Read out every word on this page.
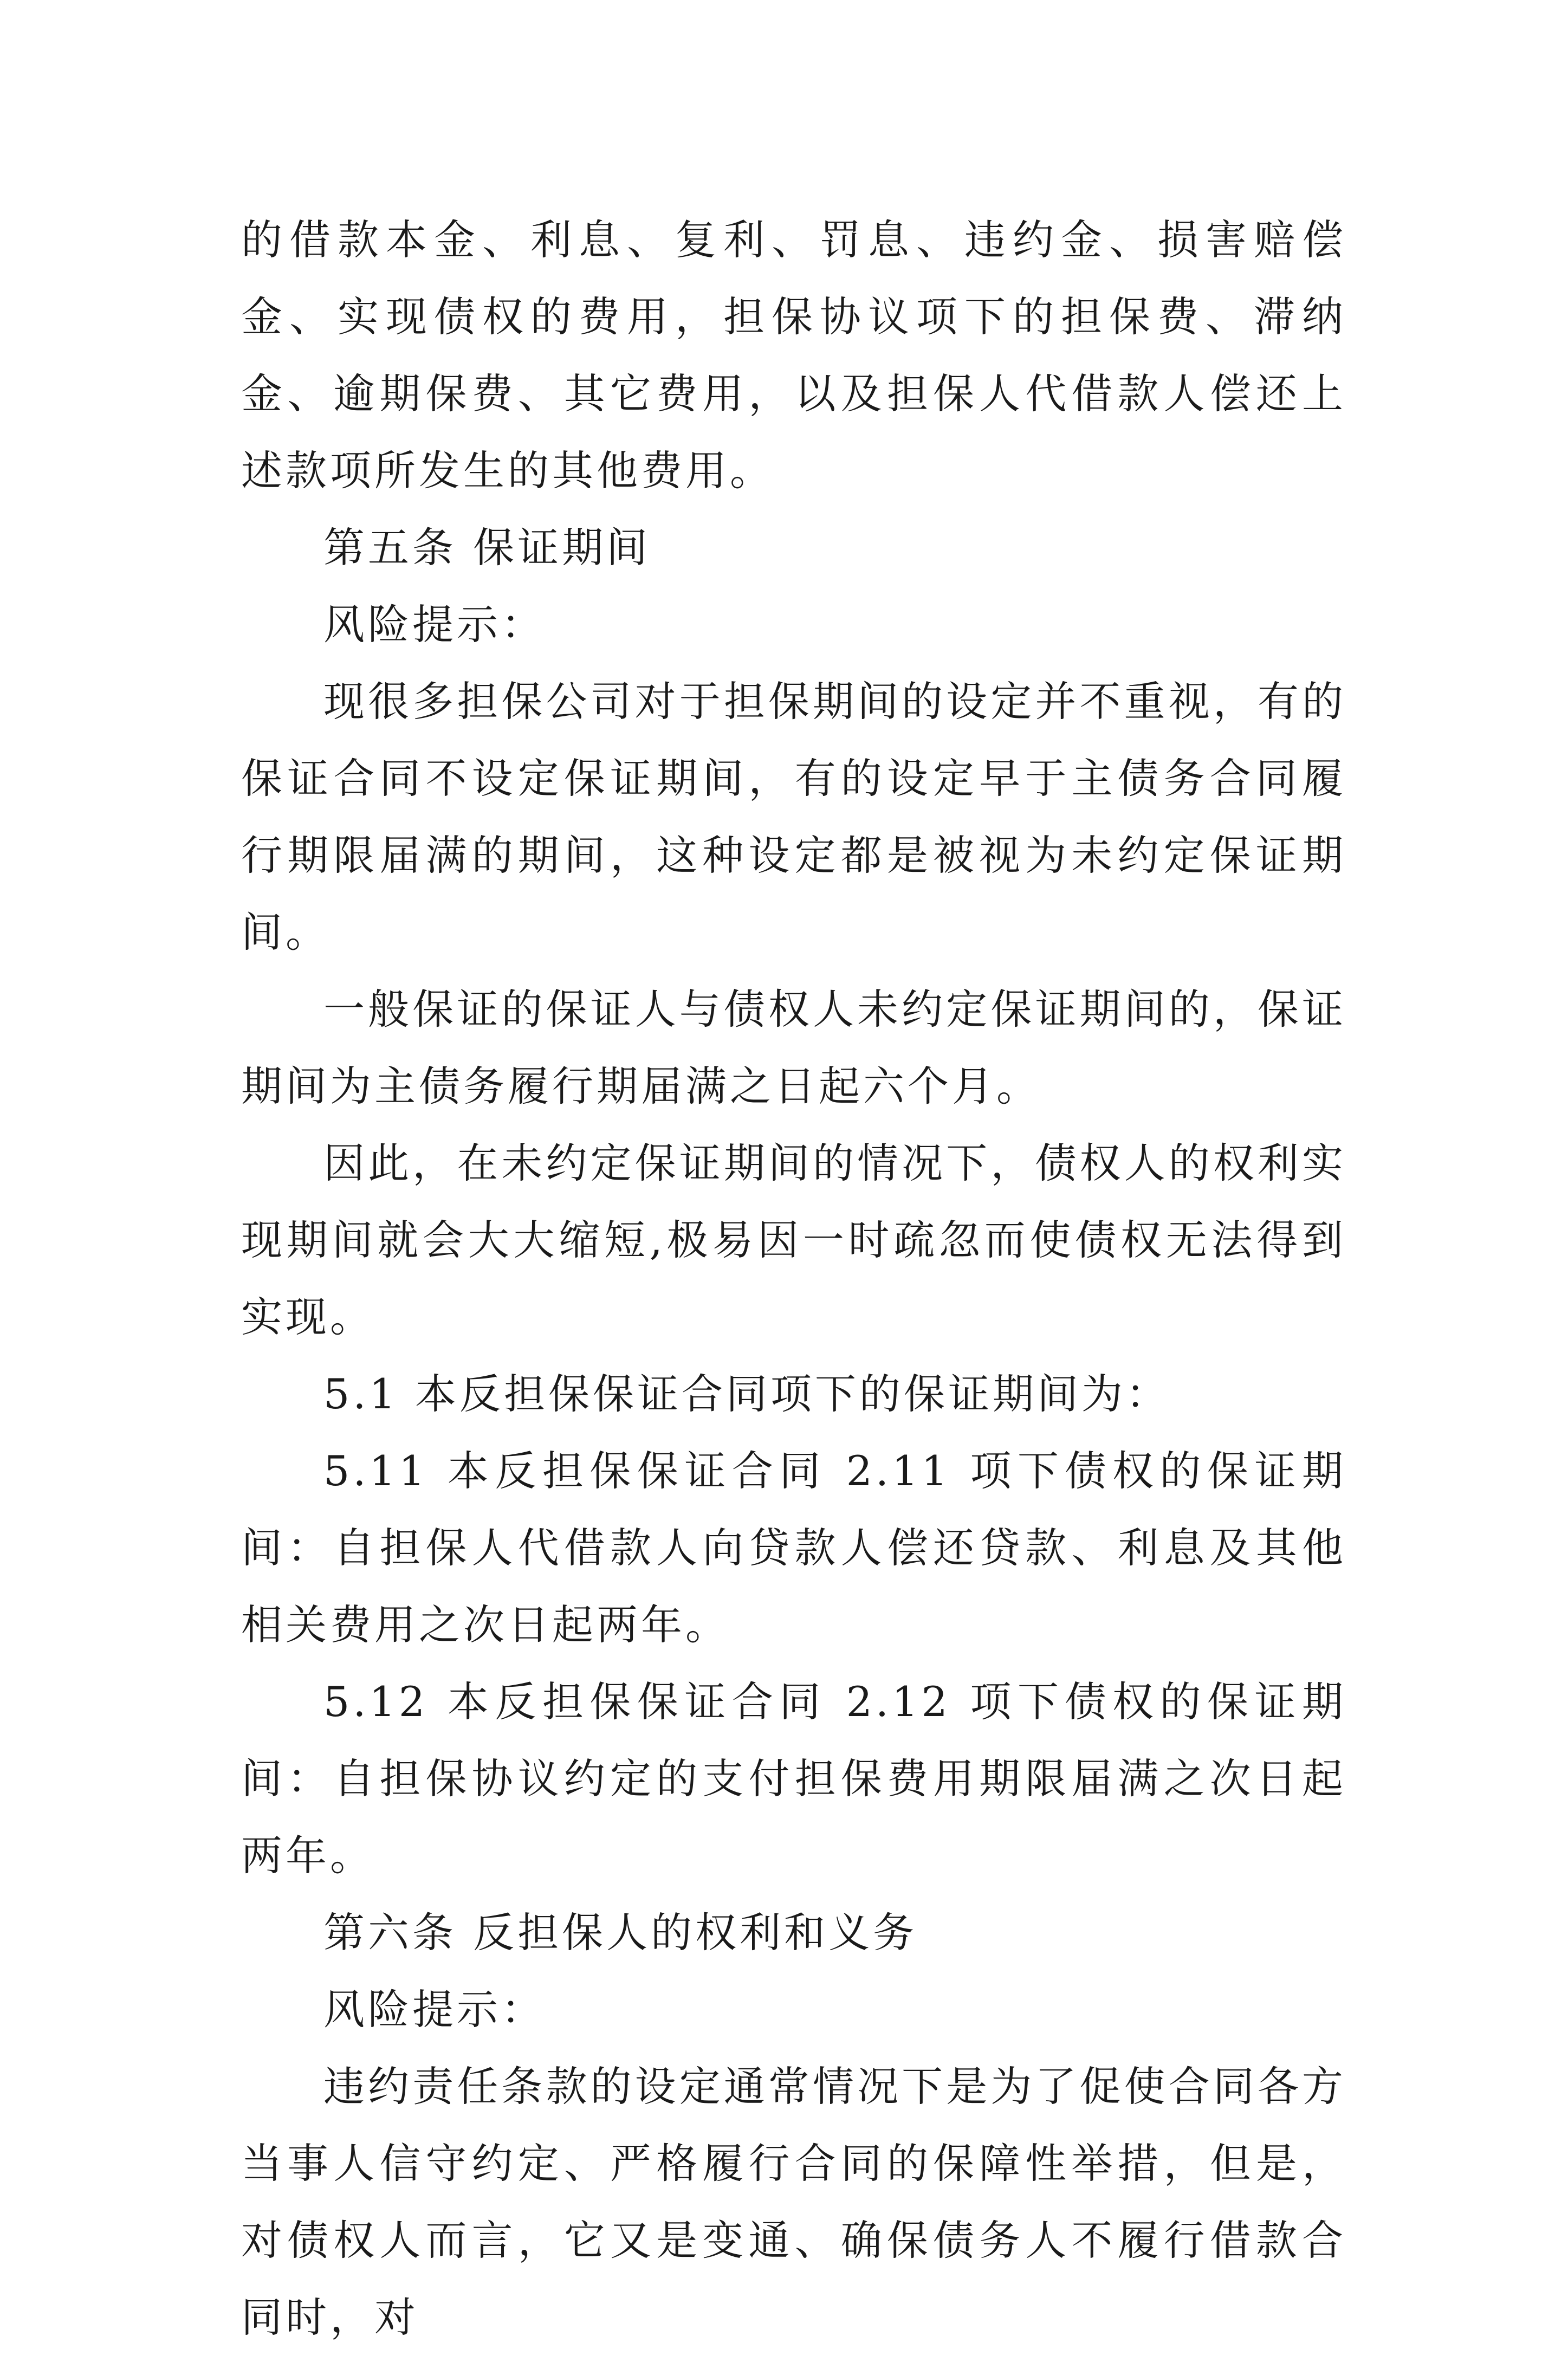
的借款本金、利息、复利、罚息、违约金、损害赔偿金、实现债权的费用，担保协议项下的担保费、滞纳金、逾期保费、其它费用，以及担保人代借款人偿还上述款项所发生的其他费用。

第五条 保证期间

风险提示：

现很多担保公司对于担保期间的设定并不重视，有的保证合同不设定保证期间，有的设定早于主债务合同履行期限届满的期间，这种设定都是被视为未约定保证期间。

一般保证的保证人与债权人未约定保证期间的，保证期间为主债务履行期届满之日起六个月。

因此，在未约定保证期间的情况下，债权人的权利实现期间就会大大缩短,极易因一时疏忽而使债权无法得到实现。

5.1 本反担保保证合同项下的保证期间为：

5.11 本反担保保证合同 2.11 项下债权的保证期间：自担保人代借款人向贷款人偿还贷款、利息及其他相关费用之次日起两年。

5.12 本反担保保证合同 2.12 项下债权的保证期间：自担保协议约定的支付担保费用期限届满之次日起两年。

第六条 反担保人的权利和义务

风险提示：

违约责任条款的设定通常情况下是为了促使合同各方当事人信守约定、严格履行合同的保障性举措，但是，对债权人而言，它又是变通、确保债务人不履行借款合同时，对
